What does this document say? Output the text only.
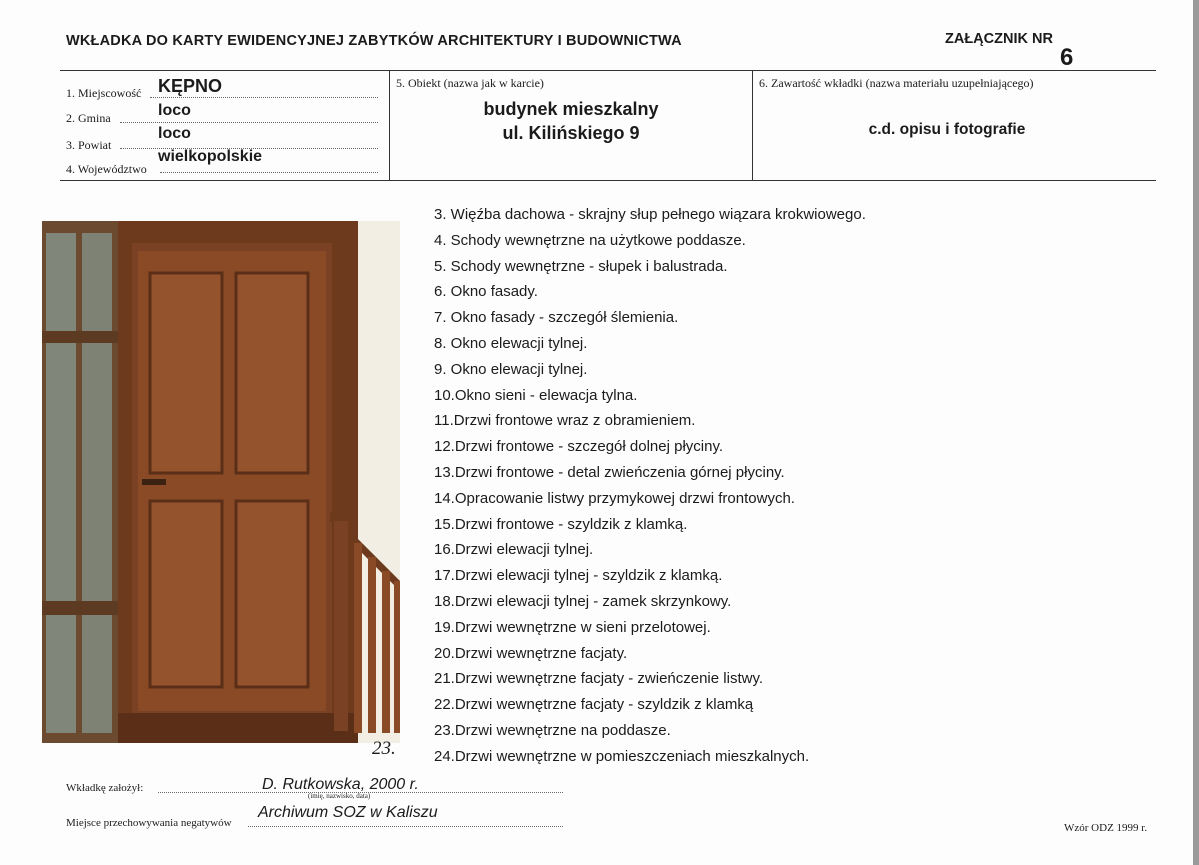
WKŁADKA DO KARTY EWIDENCYJNEJ ZABYTKÓW ARCHITEKTURY I BUDOWNICTWA	ZAŁĄCZNIK NR
6
1. Miejscowość KĘPNO
2. Gmina	loco
3. Powiat
loco
4. Województwo
wielkopolskie
5. Obiekt (nazwa jak w karcie)
budynek mieszkalny
ul. Kilińskiego 9
6. Zawartość wkładki (nazwa materiału uzupełniającego)
c.d. opisu i fotografie
23.
3. Więźba dachowa - skrajny słup pełnego wiązara krokwiowego.
4. Schody wewnętrzne na użytkowe poddasze.
5. Schody wewnętrzne - słupek i balustrada.
6. Okno fasady.
7. Okno fasady - szczegół ślemienia.
8. Okno elewacji tylnej.
9. Okno elewacji tylnej.
10.Okno sieni - elewacja tylna.
11.Drzwi frontowe wraz z obramieniem.
12.Drzwi frontowe - szczegół dolnej płyciny.
13.Drzwi frontowe - detal zwieńczenia górnej płyciny.
14.Opracowanie listwy przymykowej drzwi frontowych.
15.Drzwi frontowe - szyldzik z klamką.
16.Drzwi elewacji tylnej.
17.Drzwi elewacji tylnej - szyldzik z klamką.
18.Drzwi elewacji tylnej - zamek skrzynkowy.
19.Drzwi wewnętrzne w sieni przelotowej.
20.Drzwi wewnętrzne facjaty.
21.Drzwi wewnętrzne facjaty - zwieńczenie listwy.
22.Drzwi wewnętrzne facjaty - szyldzik z klamką
23.Drzwi wewnętrzne na poddasze.
24.Drzwi wewnętrzne w pomieszczeniach mieszkalnych.
Wkładkę założył:	D. Rutkowska, 2000 r.
(imię, nazwisko, data)
Miejsce przechowywania negatywów
Archiwum SOZ w Kaliszu
Wzór ODZ 1999 r.
